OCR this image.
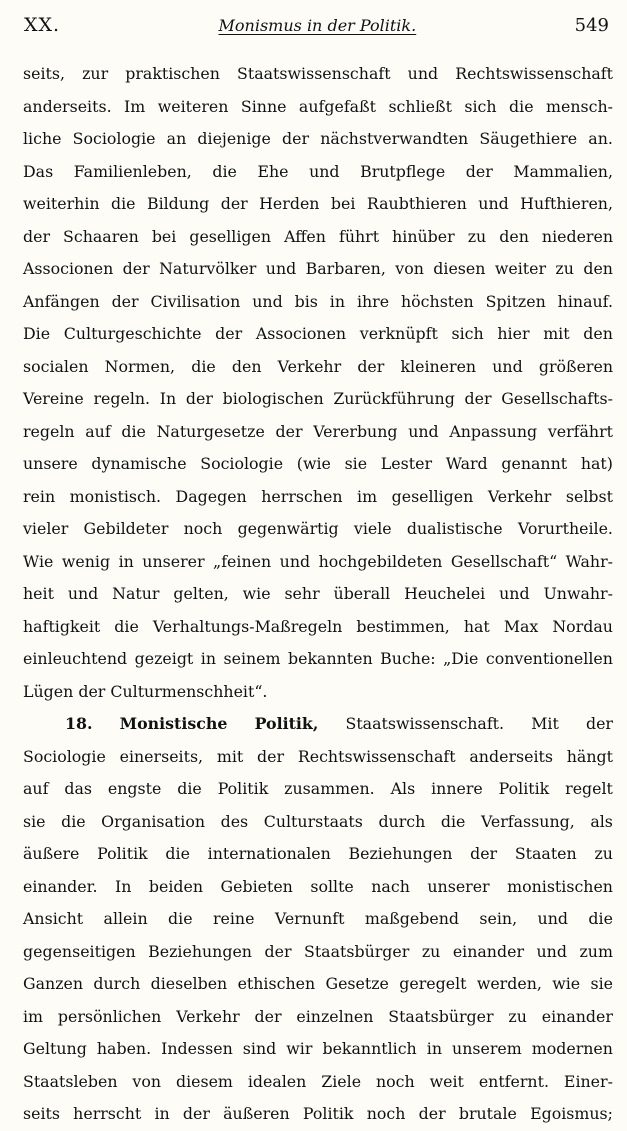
XX.	Monismus in der Politik.	549
seits, zur praktischen Staatswissenschaft und Rechtswissenschaft
anderseits. Im weiteren Sinne aufgefaßt schließt sich die mensch-
liche Sociologie an diejenige der nächstverwandten Säugethiere an.
Das Familienleben, die Ehe und Brutpflege der Mammalien,
weiterhin die Bildung der Herden bei Raubthieren und Hufthieren,
der Schaaren bei geselligen Affen führt hinüber zu den niederen
Associonen der Naturvölker und Barbaren, von diesen weiter zu den
Anfängen der Civilisation und bis in ihre höchsten Spitzen hinauf.
Die Culturgeschichte der Associonen verknüpft sich hier mit den
socialen Normen, die den Verkehr der kleineren und größeren
Vereine regeln. In der biologischen Zurückführung der Gesellschafts-
regeln auf die Naturgesetze der Vererbung und Anpassung verfährt
unsere dynamische Sociologie (wie sie Lester Ward genannt hat)
rein monistisch. Dagegen herrschen im geselligen Verkehr selbst
vieler Gebildeter noch gegenwärtig viele dualistische Vorurtheile.
Wie wenig in unserer „feinen und hochgebildeten Gesellschaft“ Wahr-
heit und Natur gelten, wie sehr überall Heuchelei und Unwahr-
haftigkeit die Verhaltungs-Maßregeln bestimmen, hat Max Nordau
einleuchtend gezeigt in seinem bekannten Buche: „Die conventionellen
Lügen der Culturmenschheit“.
18. Monistische Politik, Staatswissenschaft. Mit der
Sociologie einerseits, mit der Rechtswissenschaft anderseits hängt
auf das engste die Politik zusammen. Als innere Politik regelt
sie die Organisation des Culturstaats durch die Verfassung, als
äußere Politik die internationalen Beziehungen der Staaten zu
einander. In beiden Gebieten sollte nach unserer monistischen
Ansicht allein die reine Vernunft maßgebend sein, und die
gegenseitigen Beziehungen der Staatsbürger zu einander und zum
Ganzen durch dieselben ethischen Gesetze geregelt werden, wie sie
im persönlichen Verkehr der einzelnen Staatsbürger zu einander
Geltung haben. Indessen sind wir bekanntlich in unserem modernen
Staatsleben von diesem idealen Ziele noch weit entfernt. Einer-
seits herrscht in der äußeren Politik noch der brutale Egoismus;
